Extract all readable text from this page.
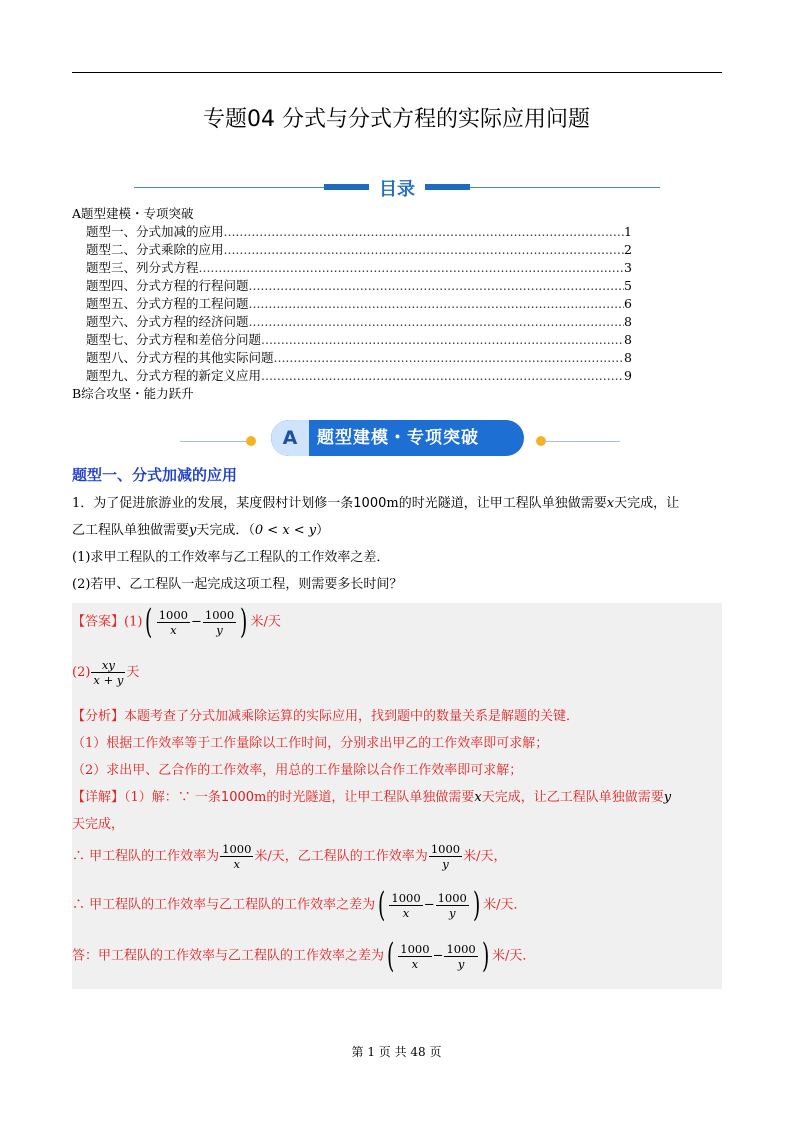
专题04 分式与分式方程的实际应用问题
目录
A题型建模・专项突破
题型一、分式加减的应用 .....	1
题型二、分式乘除的应用 .....	2
题型三、列分式方程 .....	3
题型四、分式方程的行程问题 .....	5
题型五、分式方程的工程问题 .....	6
题型六、分式方程的经济问题 .....	8
题型七、分式方程和差倍分问题 .....	8
题型八、分式方程的其他实际问题 .....	8
题型九、分式方程的新定义应用 .....	9
B综合攻坚・能力跃升
A	题型建模・专项突破
题型一、分式加减的应用
1．为了促进旅游业的发展，某度假村计划修一条1000m的时光隧道，让甲工程队单独做需要x天完成，让
乙工程队单独做需要y天完成．（0 < x < y）
(1)求甲工程队的工作效率与乙工程队的工作效率之差．
(2)若甲、乙工程队一起完成这项工程，则需要多长时间？
【答案】$(1)( \frac{1000}{x} - \frac{1000}{y}$ ) 米/天
$(2) \frac{xy}{x + y}$ 天
【分析】本题考查了分式加减乘除运算的实际应用，找到题中的数量关系是解题的关键．
（1）根据工作效率等于工作量除以工作时间，分别求出甲乙的工作效率即可求解；
（2）求出甲、乙合作的工作效率，用总的工作量除以合作工作效率即可求解；
【详解】（1）解：∵ 一条1000m的时光隧道，让甲工程队单独做需要x天完成，让乙工程队单独做需要y
天完成，
∴ 甲工程队的工作效率为 $\frac{1000}{x}$ 米/天，乙工程队的工作效率为 $\frac{1000}{y}$ 米/天，
∴ 甲工程队的工作效率与乙工程队的工作效率之差为( $\frac{1000}{x} - \frac{1000}{y}$ ) 米/天．
答：甲工程队的工作效率与乙工程队的工作效率之差为( $\frac{1000}{x} - \frac{1000}{y}$ ) 米/天．
第 1 页 共 48 页
